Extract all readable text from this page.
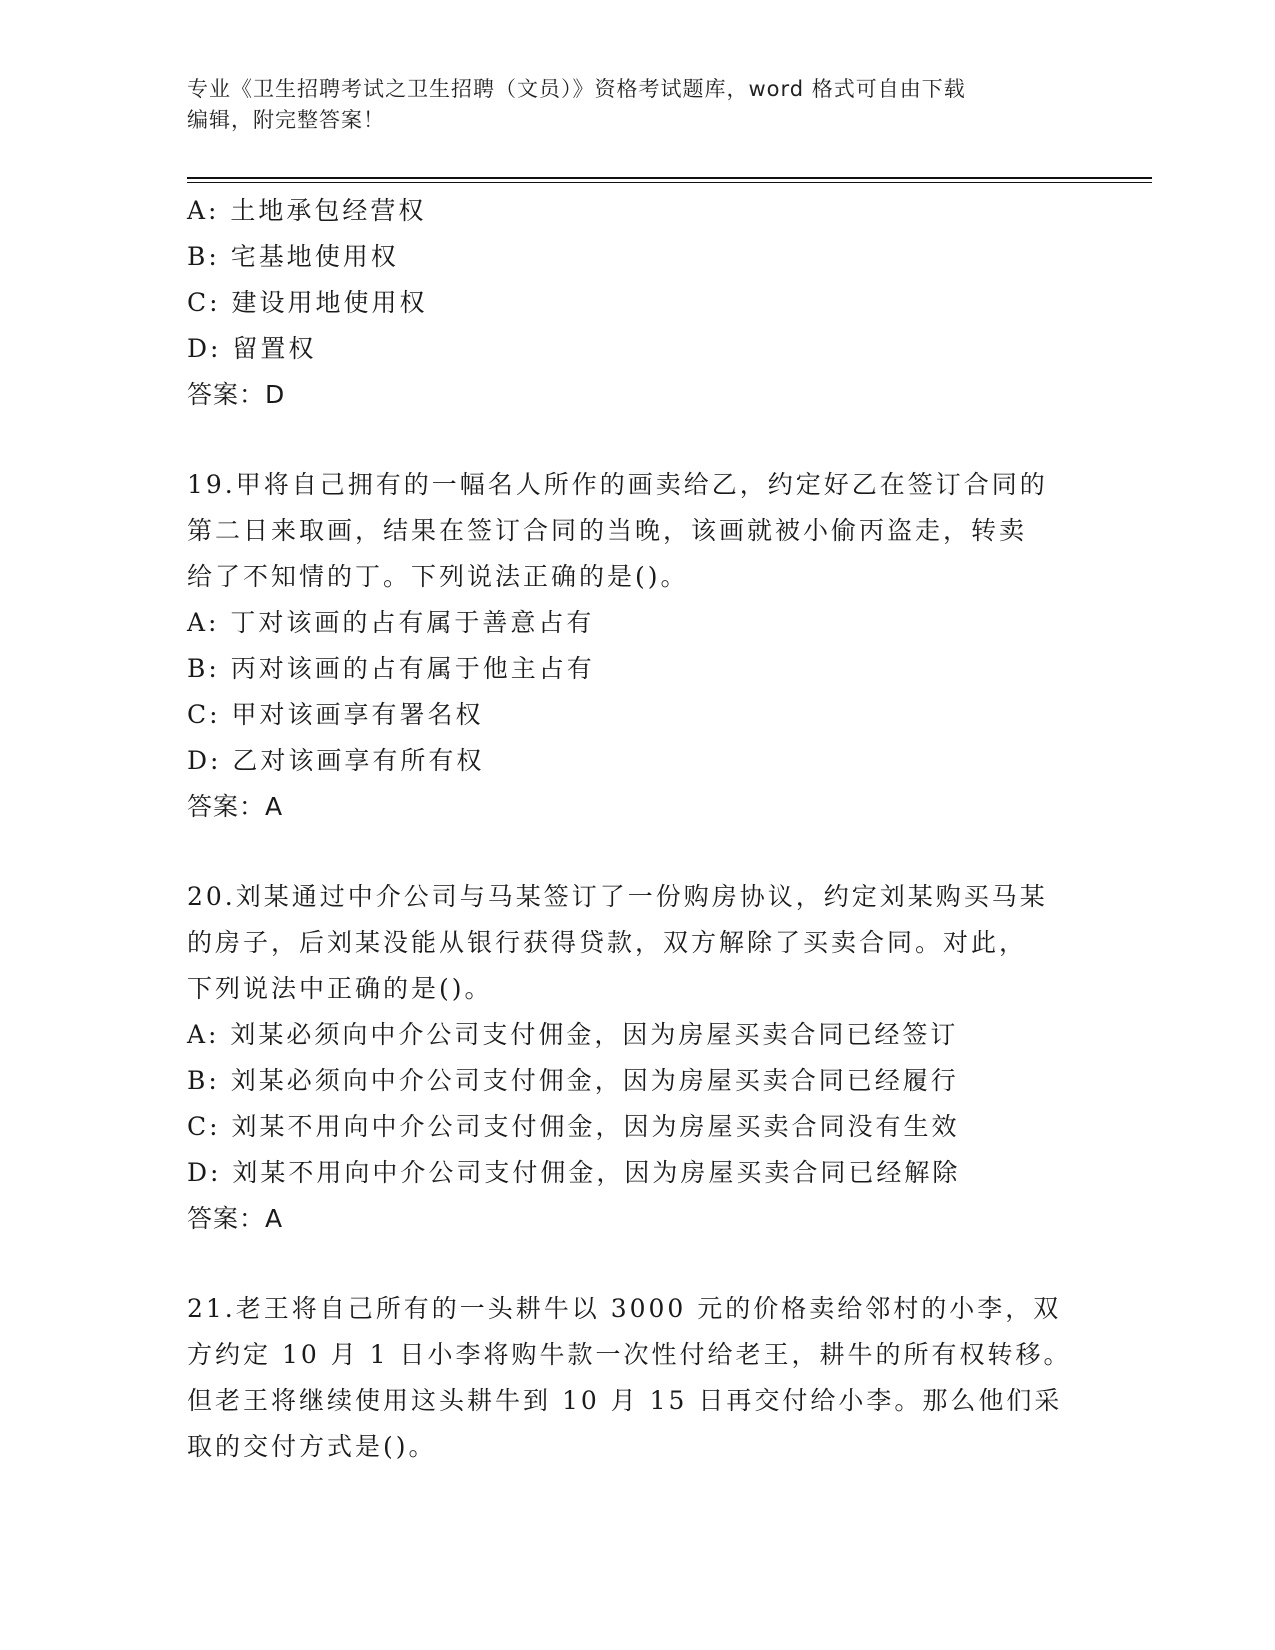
专业《卫生招聘考试之卫生招聘（文员）》资格考试题库，word 格式可自由下载
编辑，附完整答案！
A: 土地承包经营权
B: 宅基地使用权
C: 建设用地使用权
D: 留置权
答案：D
19.甲将自己拥有的一幅名人所作的画卖给乙，约定好乙在签订合同的
第二日来取画，结果在签订合同的当晚，该画就被小偷丙盗走，转卖
给了不知情的丁。下列说法正确的是()。
A: 丁对该画的占有属于善意占有
B: 丙对该画的占有属于他主占有
C: 甲对该画享有署名权
D: 乙对该画享有所有权
答案：A
20.刘某通过中介公司与马某签订了一份购房协议，约定刘某购买马某
的房子，后刘某没能从银行获得贷款，双方解除了买卖合同。对此，
下列说法中正确的是()。
A: 刘某必须向中介公司支付佣金，因为房屋买卖合同已经签订
B: 刘某必须向中介公司支付佣金，因为房屋买卖合同已经履行
C: 刘某不用向中介公司支付佣金，因为房屋买卖合同没有生效
D: 刘某不用向中介公司支付佣金，因为房屋买卖合同已经解除
答案：A
21.老王将自己所有的一头耕牛以 3000 元的价格卖给邻村的小李，双
方约定 10 月 1 日小李将购牛款一次性付给老王，耕牛的所有权转移。
但老王将继续使用这头耕牛到 10 月 15 日再交付给小李。那么他们采
取的交付方式是()。
